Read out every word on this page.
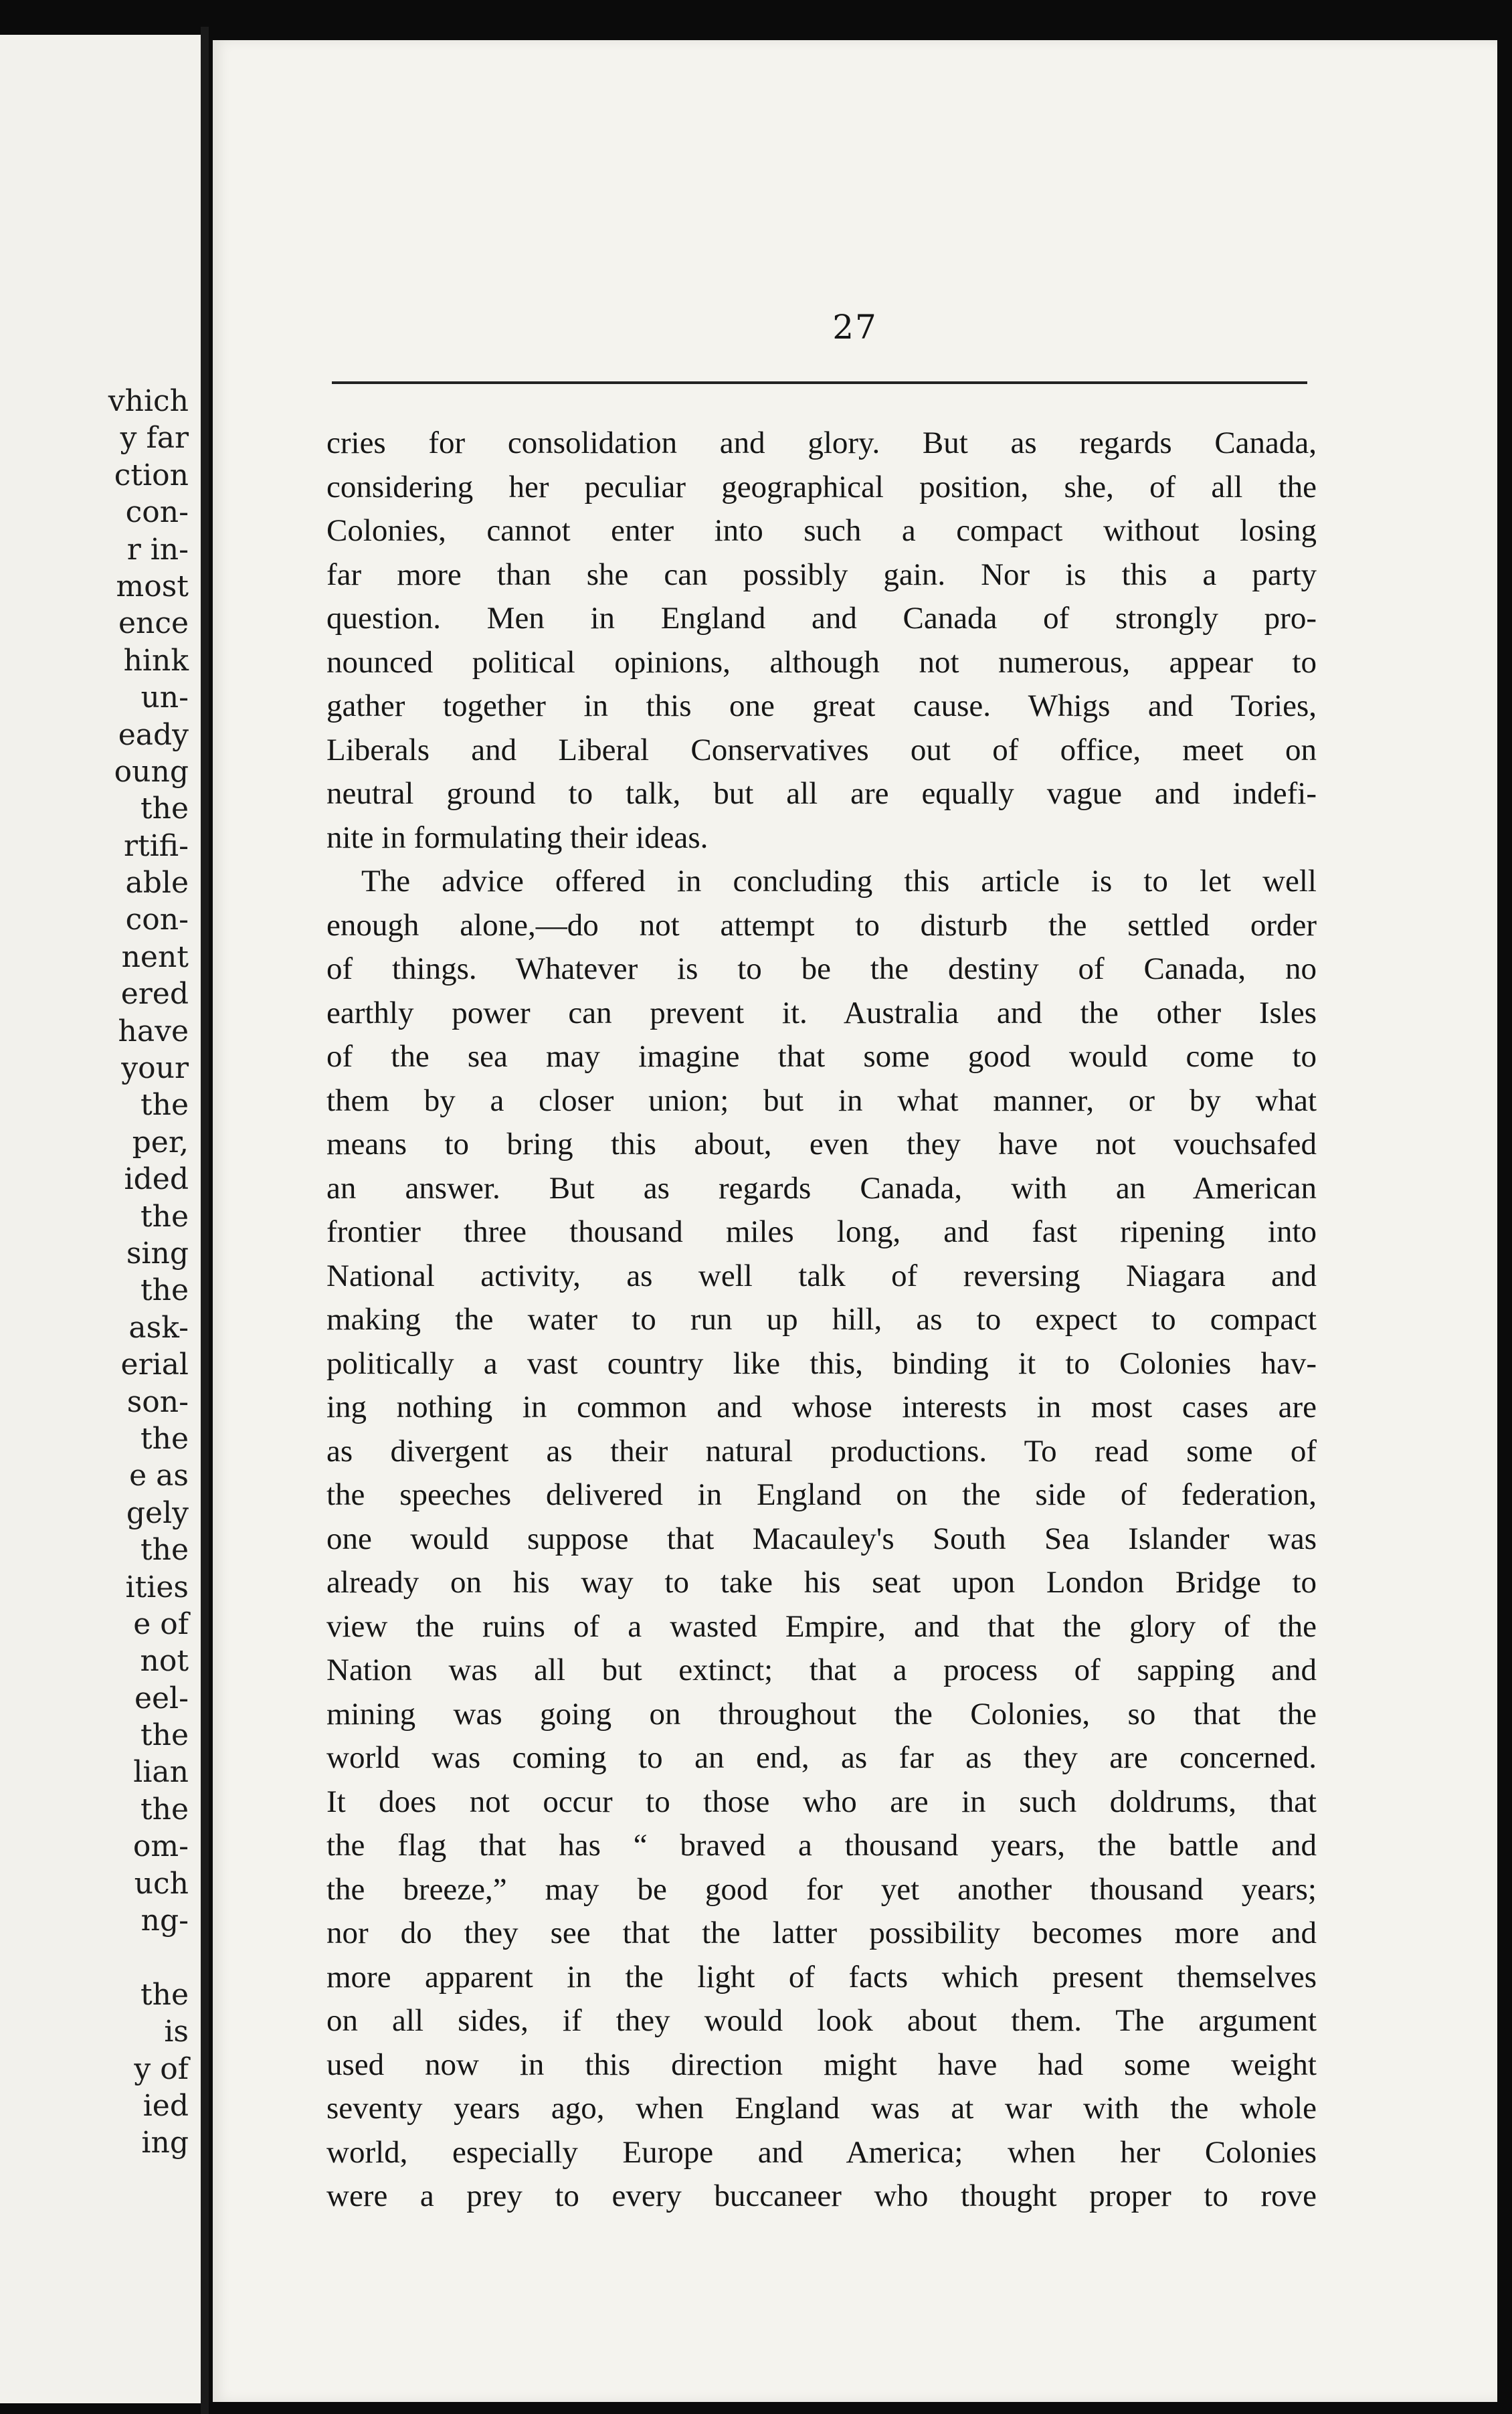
vhich
y far
ction
con-
r in-
most
ence
hink
un-
eady
oung
the
rtifi-
able
con-
nent
ered
have
your
the
per,
ided
the
sing
the
ask-
erial
son-
the
e as
gely
the
ities
e of
not
eel-
the
lian
the
om-
uch
ng-
the
is
y of
ied
ing
27

cries for consolidation and glory. But as regards Canada,
considering her peculiar geographical position, she, of all the
Colonies, cannot enter into such a compact without losing
far more than she can possibly gain. Nor is this a party
question. Men in England and Canada of strongly pro-
nounced political opinions, although not numerous, appear to
gather together in this one great cause. Whigs and Tories,
Liberals and Liberal Conservatives out of office, meet on
neutral ground to talk, but all are equally vague and indefi-
nite in formulating their ideas.

The advice offered in concluding this article is to let well
enough alone,—do not attempt to disturb the settled order
of things. Whatever is to be the destiny of Canada, no
earthly power can prevent it. Australia and the other Isles
of the sea may imagine that some good would come to
them by a closer union; but in what manner, or by what
means to bring this about, even they have not vouchsafed
an answer. But as regards Canada, with an American
frontier three thousand miles long, and fast ripening into
National activity, as well talk of reversing Niagara and
making the water to run up hill, as to expect to compact
politically a vast country like this, binding it to Colonies hav-
ing nothing in common and whose interests in most cases are
as divergent as their natural productions. To read some of
the speeches delivered in England on the side of federation,
one would suppose that Macauley's South Sea Islander was
already on his way to take his seat upon London Bridge to
view the ruins of a wasted Empire, and that the glory of the
Nation was all but extinct; that a process of sapping and
mining was going on throughout the Colonies, so that the
world was coming to an end, as far as they are concerned.
It does not occur to those who are in such doldrums, that
the flag that has “ braved a thousand years, the battle and
the breeze,” may be good for yet another thousand years;
nor do they see that the latter possibility becomes more and
more apparent in the light of facts which present themselves
on all sides, if they would look about them. The argument
used now in this direction might have had some weight
seventy years ago, when England was at war with the whole
world, especially Europe and America; when her Colonies
were a prey to every buccaneer who thought proper to rove
